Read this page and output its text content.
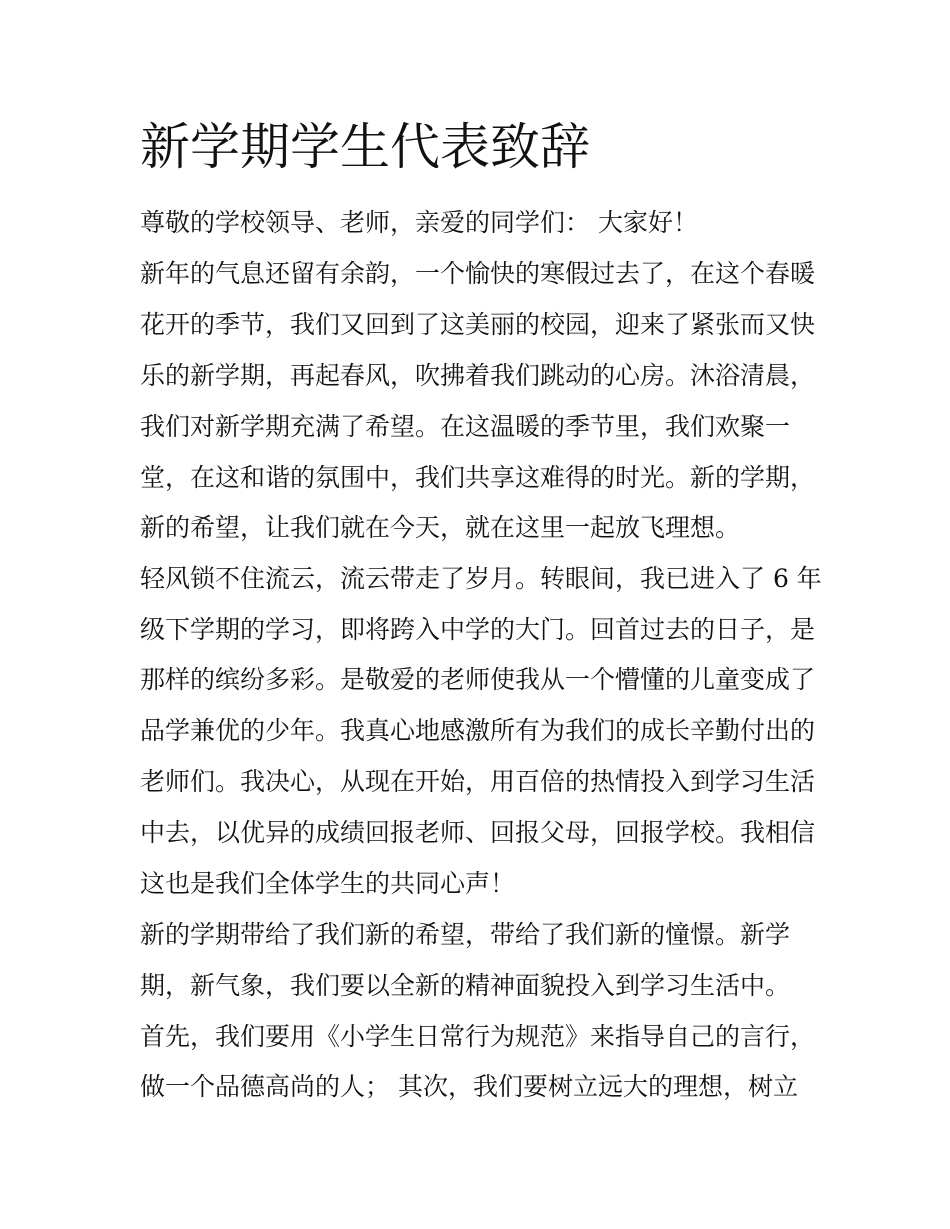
新学期学生代表致辞

尊敬的学校领导、老师，亲爱的同学们： 大家好！

新年的气息还留有余韵，一个愉快的寒假过去了，在这个春暖

花开的季节，我们又回到了这美丽的校园，迎来了紧张而又快

乐的新学期，再起春风，吹拂着我们跳动的心房。沐浴清晨，

我们对新学期充满了希望。在这温暖的季节里，我们欢聚一

堂，在这和谐的氛围中，我们共享这难得的时光。新的学期，

新的希望，让我们就在今天，就在这里一起放飞理想。

轻风锁不住流云，流云带走了岁月。转眼间，我已进入了 6 年

级下学期的学习，即将跨入中学的大门。回首过去的日子，是

那样的缤纷多彩。是敬爱的老师使我从一个懵懂的儿童变成了

品学兼优的少年。我真心地感激所有为我们的成长辛勤付出的

老师们。我决心，从现在开始，用百倍的热情投入到学习生活

中去，以优异的成绩回报老师、回报父母，回报学校。我相信

这也是我们全体学生的共同心声！

新的学期带给了我们新的希望，带给了我们新的憧憬。新学

期，新气象，我们要以全新的精神面貌投入到学习生活中。

首先，我们要用《小学生日常行为规范》来指导自己的言行，

做一个品德高尚的人； 其次，我们要树立远大的理想，树立
